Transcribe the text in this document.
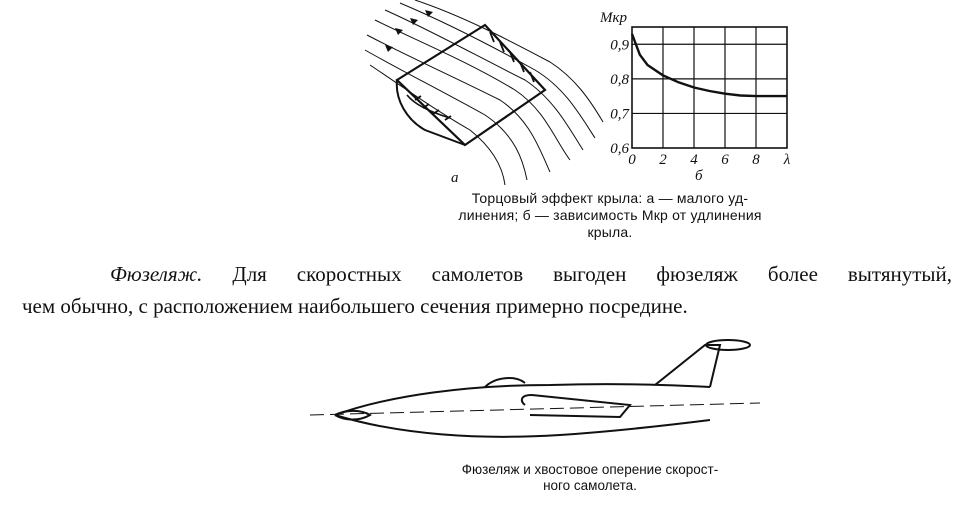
а
0,6
0,7
0,8
0,9
0 2 4 6 8 λ
Mкр
б
Торцовый эффект крыла: а — малого уд-
линения; б — зависимость Mкр от удлинения
крыла.
Фюзеляж. Для скоростных самолетов выгоден фюзеляж более вытянутый,
чем обычно, с расположением наибольшего сечения примерно посредине.
Фюзеляж и хвостовое оперение скорост-
ного самолета.
